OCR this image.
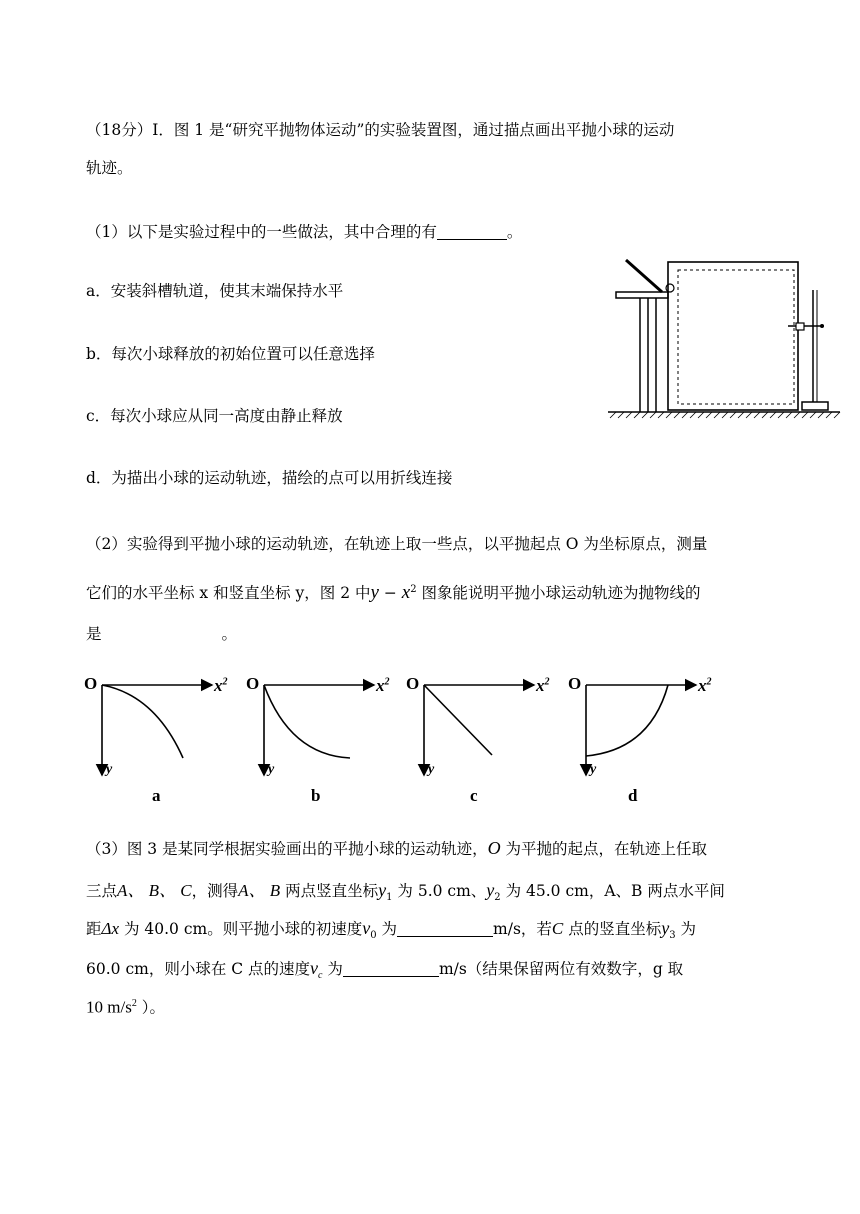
（18分）Ⅰ．图 1 是“研究平抛物体运动”的实验装置图，通过描点画出平抛小球的运动
轨迹。
（1）以下是实验过程中的一些做法，其中合理的有	。
a．安装斜槽轨道，使其末端保持水平
b．每次小球释放的初始位置可以任意选择
c．每次小球应从同一高度由静止释放
d．为描出小球的运动轨迹，描绘的点可以用折线连接
（2）实验得到平抛小球的运动轨迹，在轨迹上取一些点，以平抛起点 O 为坐标原点，测量
它们的水平坐标 x 和竖直坐标 y，图 2 中$y - x^2$ 图象能说明平抛小球运动轨迹为抛物线的
是	。
O	$x^2$
y
a
O	$x^2$
y
b
O	$x^2$
y
c
O	$x^2$
y
d
（3）图 3 是某同学根据实验画出的平抛小球的运动轨迹，O 为平抛的起点，在轨迹上任取
三点A、 B、 C，测得A、 B 两点竖直坐标$y_1$ 为 5.0 cm、$y_2$ 为 45.0 cm，A、B 两点水平间
距Δx 为 40.0 cm。则平抛小球的初速度$v_0$ 为	m/s，若C 点的竖直坐标$y_3$ 为
60.0 cm，则小球在 C 点的速度$v_c$ 为	m/s（结果保留两位有效数字，g 取
10 $m/s^2$ ）。
